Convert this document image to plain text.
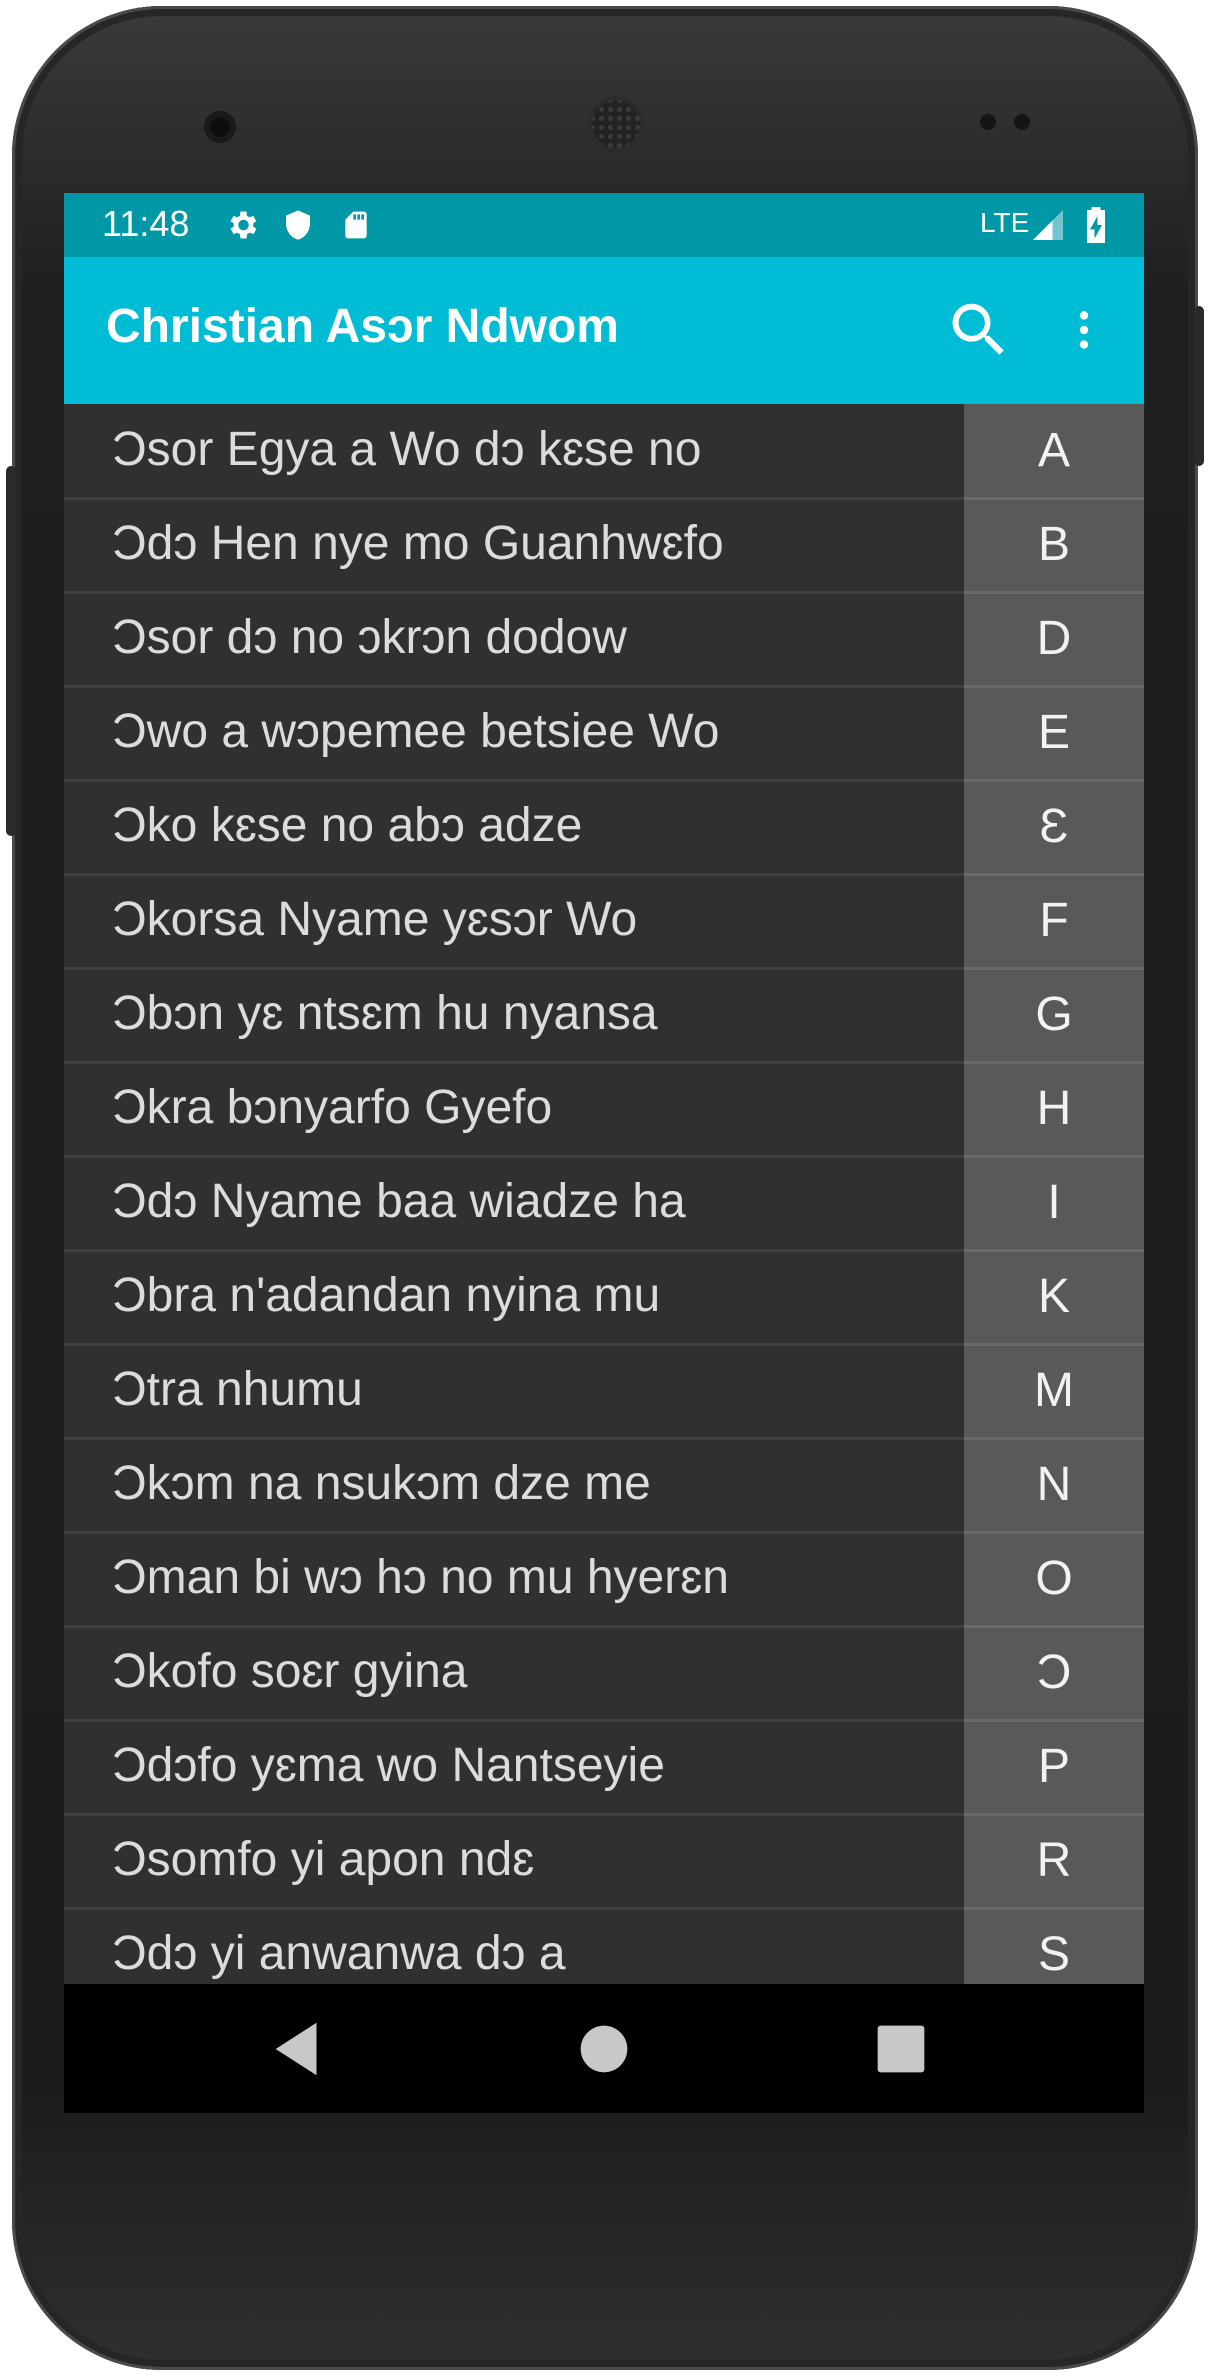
11:48	LTE
Christian Asɔr Ndwom
Ɔsor Egya a Wo dɔ kɛse no
Ɔdɔ Hen nye mo Guanhwɛfo
Ɔsor dɔ no ɔkrɔn dodow
Ɔwo a wɔpemee betsiee Wo
Ɔko kɛse no abɔ adze
Ɔkorsa Nyame yɛsɔr Wo
Ɔbɔn yɛ ntsɛm hu nyansa
Ɔkra bɔnyarfo Gyefo
Ɔdɔ Nyame baa wiadze ha
Ɔbra n'adandan nyina mu
Ɔtra nhumu
Ɔkɔm na nsukɔm dze me
Ɔman bi wɔ hɔ no mu hyerɛn
Ɔkofo soɛr gyina
Ɔdɔfo yɛma wo Nantseyie
Ɔsomfo yi apon ndɛ
Ɔdɔ yi anwanwa dɔ a
A
B
D
E
Ɛ
F
G
H
I
K
M
N
O
Ɔ
P
R
S
